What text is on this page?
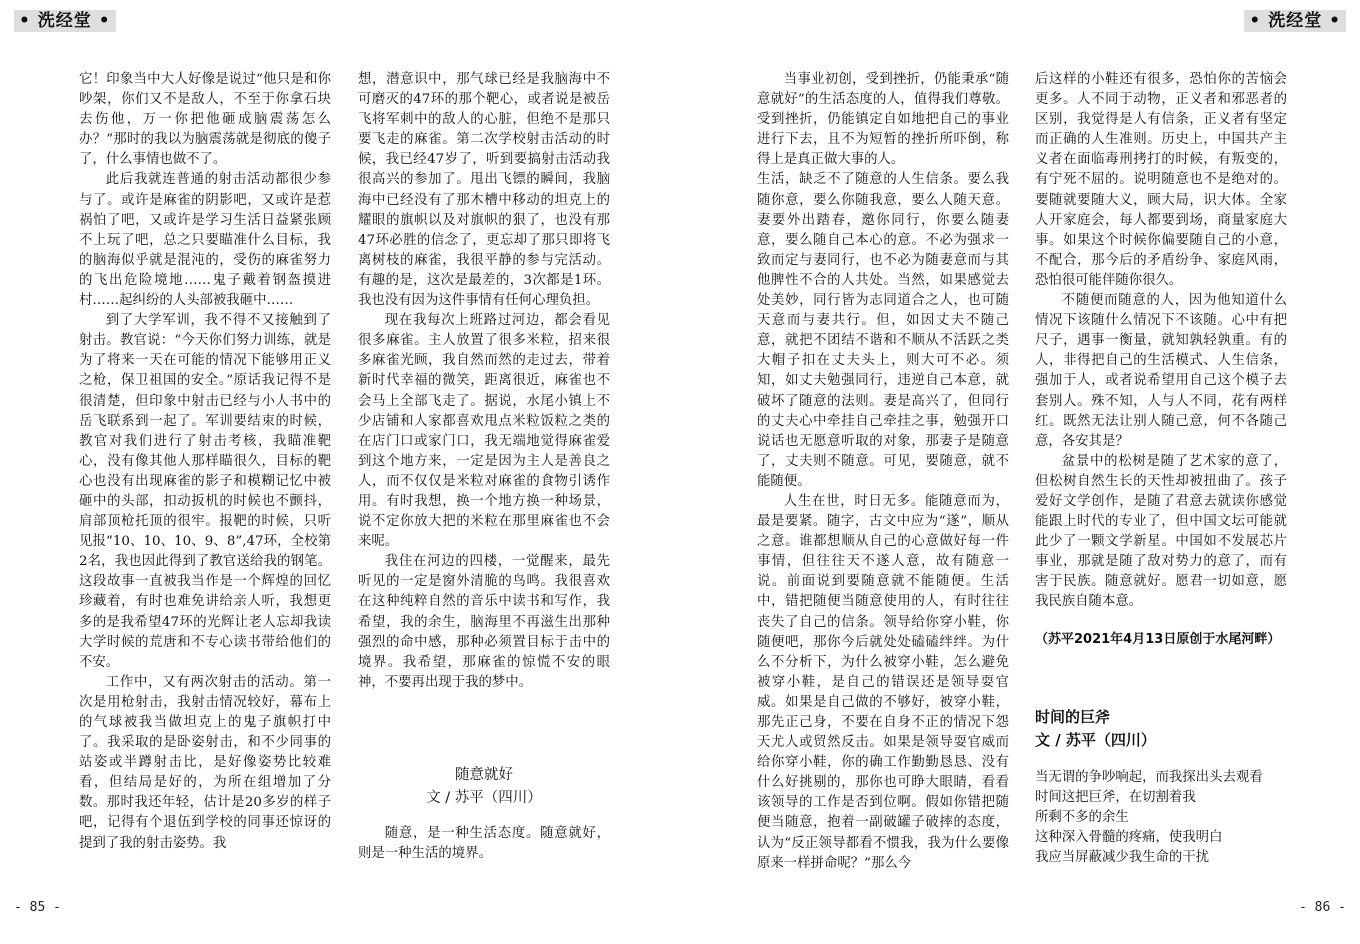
• 洗经堂 •	• 洗经堂 •

它！印象当中大人好像是说过“他只是和你吵架，你们又不是敌人，不至于你拿石块去伤他，万一你把他砸成脑震荡怎么办？”那时的我以为脑震荡就是彻底的傻子了，什么事情也做不了。

此后我就连普通的射击活动都很少参与了。或许是麻雀的阴影吧，又或许是惹祸怕了吧，又或许是学习生活日益紧张顾不上玩了吧，总之只要瞄准什么目标，我的脑海似乎就是混沌的，受伤的麻雀努力的飞出危险境地……鬼子戴着钢盔摸进村……起纠纷的人头部被我砸中……

到了大学军训，我不得不又接触到了射击。教官说：“今天你们努力训练，就是为了将来一天在可能的情况下能够用正义之枪，保卫祖国的安全。”原话我记得不是很清楚，但印象中射击已经与小人书中的岳飞联系到一起了。军训要结束的时候，教官对我们进行了射击考核，我瞄准靶心，没有像其他人那样瞄很久，目标的靶心也没有出现麻雀的影子和模糊记忆中被砸中的头部，扣动扳机的时候也不颤抖，肩部顶枪托顶的很牢。报靶的时候，只听见报“10、10、10、9、8”,47环，全校第2名，我也因此得到了教官送给我的钢笔。这段故事一直被我当作是一个辉煌的回忆珍藏着，有时也难免讲给亲人听，我想更多的是我希望47环的光辉让老人忘却我读大学时候的荒唐和不专心读书带给他们的不安。

工作中，又有两次射击的活动。第一次是用枪射击，我射击情况较好，幕布上的气球被我当做坦克上的鬼子旗帜打中了。我采取的是卧姿射击，和不少同事的站姿或半蹲射击比，是好像姿势比较难看，但结局是好的，为所在组增加了分数。那时我还年轻，估计是20多岁的样子吧，记得有个退伍到学校的同事还惊讶的提到了我的射击姿势。我

想，潜意识中，那气球已经是我脑海中不可磨灭的47环的那个靶心，或者说是被岳飞将军刺中的敌人的心脏，但绝不是那只要飞走的麻雀。第二次学校射击活动的时候，我已经47岁了，听到要搞射击活动我很高兴的参加了。甩出飞镖的瞬间，我脑海中已经没有了那木槽中移动的坦克上的耀眼的旗帜以及对旗帜的狠了，也没有那47环必胜的信念了，更忘却了那只即将飞离树枝的麻雀，我很平静的参与完活动。有趣的是，这次是最差的，3次都是1环。我也没有因为这件事情有任何心理负担。

现在我每次上班路过河边，都会看见很多麻雀。主人放置了很多米粒，招来很多麻雀光顾，我自然而然的走过去，带着新时代幸福的微笑，距离很近，麻雀也不会马上全部飞走了。据说，水尾小镇上不少店铺和人家都喜欢甩点米粒饭粒之类的在店门口或家门口，我无端地觉得麻雀爱到这个地方来，一定是因为主人是善良之人，而不仅仅是米粒对麻雀的食物引诱作用。有时我想，换一个地方换一种场景，说不定你放大把的米粒在那里麻雀也不会来呢。

我住在河边的四楼，一觉醒来，最先听见的一定是窗外清脆的鸟鸣。我很喜欢在这种纯粹自然的音乐中读书和写作，我希望，我的余生，脑海里不再滋生出那种强烈的命中感，那种必须置目标于击中的境界。我希望，那麻雀的惊慌不安的眼神，不要再出现于我的梦中。

随意就好
文 / 苏平（四川）

随意，是一种生活态度。随意就好，则是一种生活的境界。

当事业初创，受到挫折，仍能秉承“随意就好”的生活态度的人，值得我们尊敬。受到挫折，仍能镇定自如地把自己的事业进行下去，且不为短暂的挫折所吓倒，称得上是真正做大事的人。

生活，缺乏不了随意的人生信条。要么我随你意，要么你随我意，要么人随天意。妻要外出踏春，邀你同行，你要么随妻意，要么随自己本心的意。不必为强求一致而定与妻同行，也不必为随妻意而与其他脾性不合的人共处。当然，如果感觉去处美妙，同行皆为志同道合之人，也可随天意而与妻共行。但，如因丈夫不随己意，就把不团结不谐和不顺从不活跃之类大帽子扣在丈夫头上，则大可不必。须知，如丈夫勉强同行，违逆自己本意，就破坏了随意的法则。妻是高兴了，但同行的丈夫心中牵挂自己牵挂之事，勉强开口说话也无愿意听取的对象，那妻子是随意了，丈夫则不随意。可见，要随意，就不能随便。

人生在世，时日无多。能随意而为，最是要紧。随字，古文中应为“遂”，顺从之意。谁都想顺从自己的心意做好每一件事情，但往往天不遂人意，故有随意一说。前面说到要随意就不能随便。生活中，错把随便当随意使用的人，有时往往丧失了自己的信条。领导给你穿小鞋，你随便吧，那你今后就处处磕磕绊绊。为什么不分析下，为什么被穿小鞋，怎么避免被穿小鞋，是自己的错误还是领导耍官威。如果是自己做的不够好，被穿小鞋，那先正己身，不要在自身不正的情况下怨天尤人或贸然反击。如果是领导耍官威而给你穿小鞋，你的确工作勤勤恳恳、没有什么好挑剔的，那你也可睁大眼睛，看看该领导的工作是否到位啊。假如你错把随便当随意，抱着一副破罐子破摔的态度，认为“反正领导都看不惯我，我为什么要像原来一样拼命呢？”那么今

后这样的小鞋还有很多，恐怕你的苦恼会更多。人不同于动物，正义者和邪恶者的区别，我觉得是人有信条，正义者有坚定而正确的人生准则。历史上，中国共产主义者在面临毒刑拷打的时候，有叛变的，有宁死不屈的。说明随意也不是绝对的。要随就要随大义，顾大局，识大体。全家人开家庭会，每人都要到场，商量家庭大事。如果这个时候你偏要随自己的小意，不配合，那今后的矛盾纷争、家庭风雨，恐怕很可能伴随你很久。

不随便而随意的人，因为他知道什么情况下该随什么情况下不该随。心中有把尺子，遇事一衡量，就知孰轻孰重。有的人，非得把自己的生活模式、人生信条，强加于人，或者说希望用自己这个模子去套别人。殊不知，人与人不同，花有两样红。既然无法让别人随己意，何不各随己意，各安其是？

盆景中的松树是随了艺术家的意了，但松树自然生长的天性却被扭曲了。孩子爱好文学创作，是随了君意去就读你感觉能跟上时代的专业了，但中国文坛可能就此少了一颗文学新星。中国如不发展芯片事业，那就是随了敌对势力的意了，而有害于民族。随意就好。愿君一切如意，愿我民族自随本意。

（苏平2021年4月13日原创于水尾河畔）
时间的巨斧
文 / 苏平（四川）
当无谓的争吵响起，而我探出头去观看
时间这把巨斧，在切割着我
所剩不多的余生
这种深入骨髓的疼痛，使我明白
我应当屏蔽减少我生命的干扰
- 85 -	- 86 -
